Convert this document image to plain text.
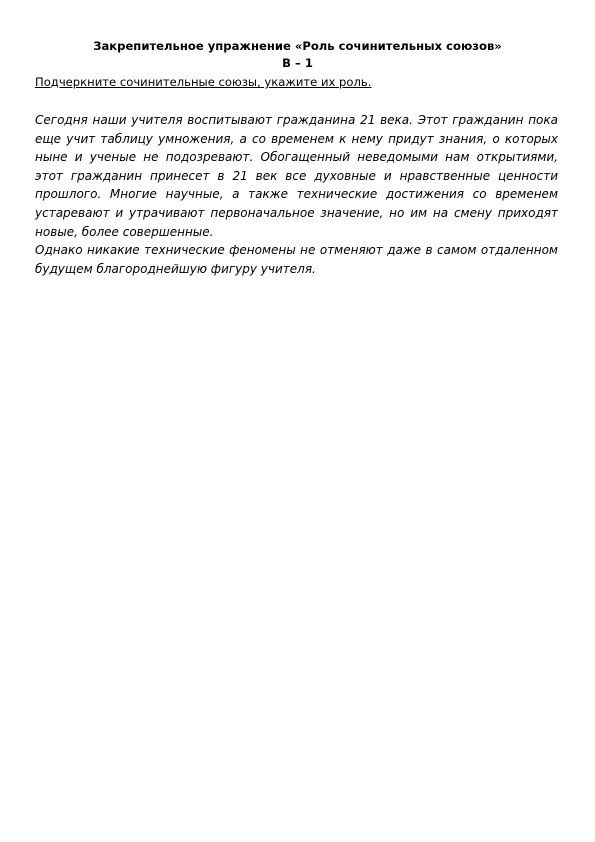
Закрепительное упражнение «Роль сочинительных союзов»
В – 1
Подчеркните сочинительные союзы, укажите их роль.

Сегодня наши учителя воспитывают гражданина 21 века. Этот гражданин пока еще учит таблицу умножения, а со временем к нему придут знания, о которых ныне и ученые не подозревают. Обогащенный неведомыми нам открытиями, этот гражданин принесет в 21 век все духовные и нравственные ценности прошлого. Многие научные, а также технические достижения со временем устаревают и утрачивают первоначальное значение, но им на смену приходят новые, более совершенные.

Однако никакие технические феномены не отменяют даже в самом отдаленном будущем благороднейшую фигуру учителя.
